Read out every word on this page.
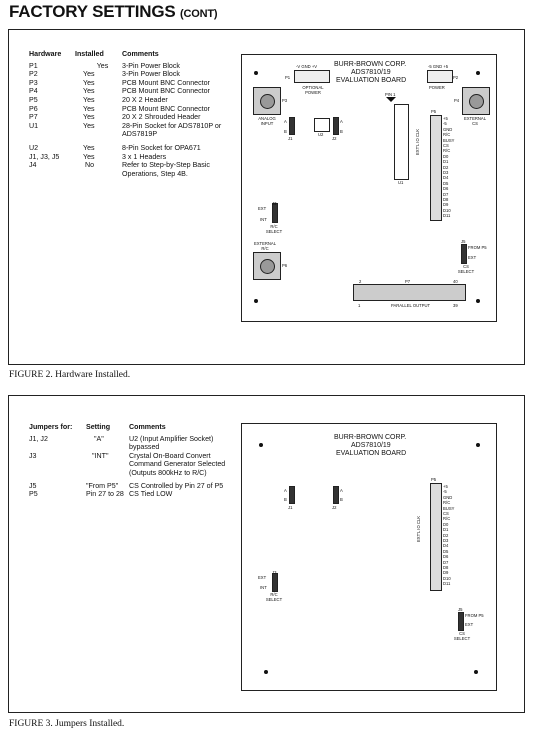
FACTORY SETTINGS (CONT)
Hardware	Installed	Comments
P1	Yes	3-Pin Power Block
P2	Yes	3-Pin Power Block
P3	Yes	PCB Mount BNC Connector
P4	Yes	PCB Mount BNC Connector
P5	Yes	20 X 2 Header
P6	Yes	PCB Mount BNC Connector
P7	Yes	20 X 2 Shrouded Header
U1	Yes	28-Pin Socket for ADS7810P or ADS7819P
U2	Yes	8-Pin Socket for OPA671
J1, J3, J5	Yes	3 x 1 Headers
J4	No	Refer to Step-by-Step Basic Operations, Step 4B.
BURR-BROWN CORP.
ADS7810/19
EVALUATION BOARD
-V GND +V
P1
OPTIONAL POWER
-5 GND +5
P2
POWER
P3
ANALOG INPUT
P4
EXTERNAL CS
A
B
J1
U2
A
B
J2
PIN 1
U1
EXT'L IO CLK
P5
+5
-5
GND
R/C
BUSY
CS
R/C
D0
D1
D2
D3
D4
D5
D6
D7
D8
D9
D10
D11
EXT
INT
J3
R/C SELECT
J5
FROM P5
EXT
CS SELECT
EXTERNAL R/C
P6
2	P7	40
1	PARALLEL OUTPUT	39
FIGURE 2. Hardware Installed.
Jumpers for:	Setting	Comments
J1, J2	"A"	U2 (Input Amplifier Socket) bypassed
J3	"INT"	Crystal On-Board Convert Command Generator Selected (Outputs 800kHz to R/C)
J5	"From P5"	CS Controlled by Pin 27 of P5
P5	Pin 27 to 28	CS Tied LOW
BURR-BROWN CORP.
ADS7810/19
EVALUATION BOARD
A
B
J1
A
B
J2
EXT'L IO CLK
P5
+5
-5
GND
R/C
BUSY
CS
R/C
D0
D1
D2
D3
D4
D5
D6
D7
D8
D9
D10
D11
EXT
INT
R/C SELECT
J5
FROM P5
EXT
CS SELECT
FIGURE 3. Jumpers Installed.
